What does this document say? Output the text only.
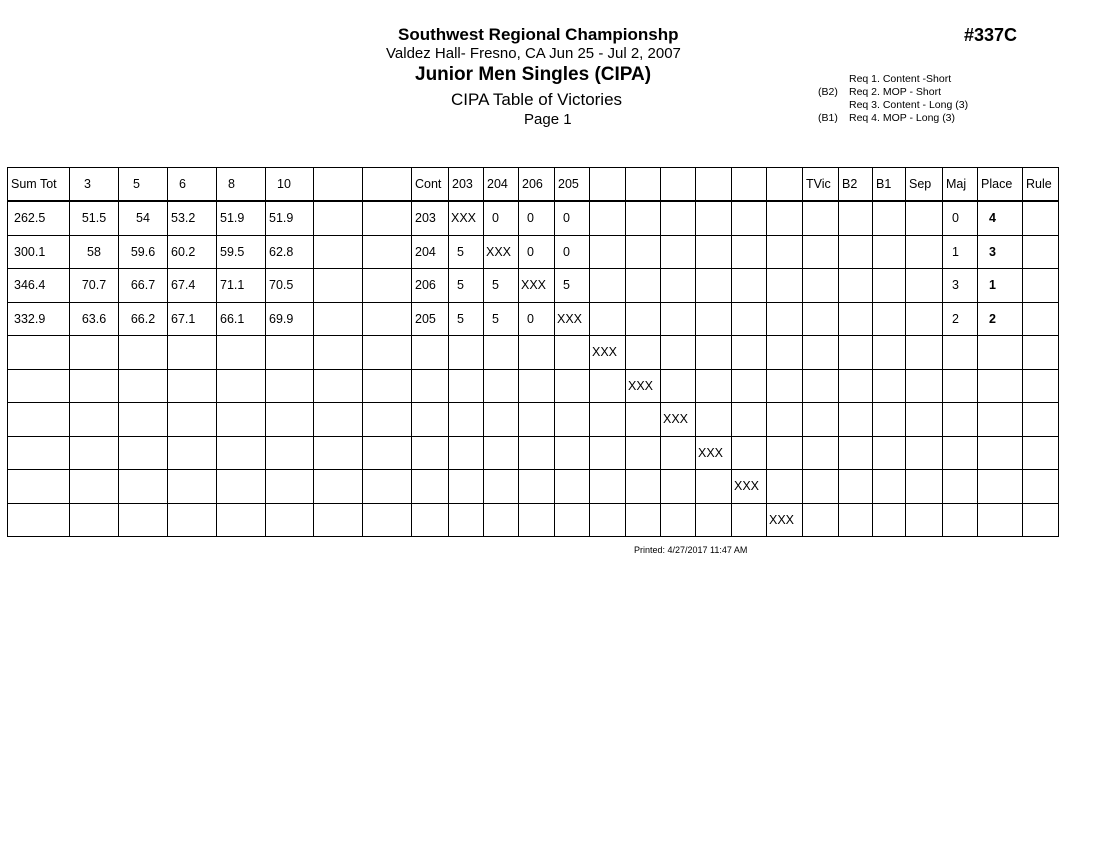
Southwest Regional Championshp
Valdez Hall- Fresno, CA Jun 25 - Jul 2, 2007
Junior Men Singles (CIPA)
CIPA Table of Victories
Page 1
#337C
Req 1. Content -Short
(B2)	Req 2. MOP - Short
Req 3. Content - Long (3)
(B1)	Req 4. MOP - Long (3)
Sum Tot	3	5	6	8	10			Cont	203	204	206	205							TVic	B2	B1	Sep	Maj	Place	Rule
262.5	51.5	54	53.2	51.9	51.9			203	XXX	0	0	0											0	4	
300.1	58	59.6	60.2	59.5	62.8			204	5	XXX	0	0											1	3	
346.4	70.7	66.7	67.4	71.1	70.5			206	5	5	XXX	5											3	1	
332.9	63.6	66.2	67.1	66.1	69.9			205	5	5	0	XXX											2	2	
													XXX												
														XXX											
															XXX										
																XXX									
																	XXX								
																		XXX							
Printed: 4/27/2017 11:47 AM
